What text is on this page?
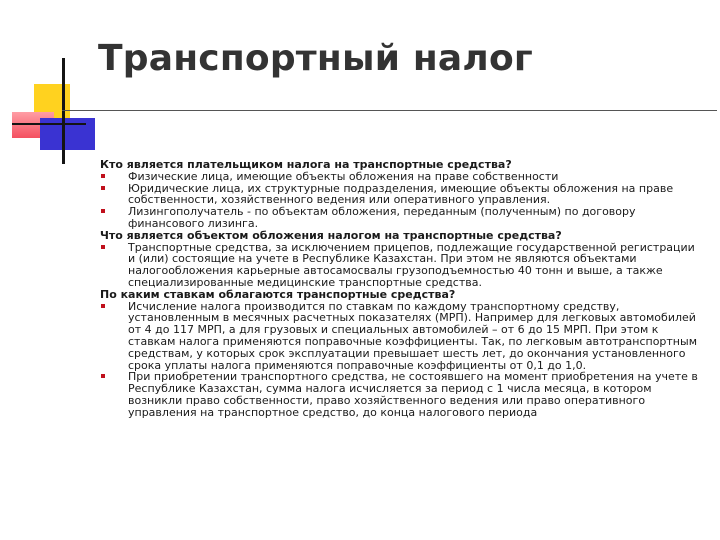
Транспортный налог

Кто является плательщиком налога на транспортные средства?

Физические лица, имеющие объекты обложения на праве собственности
Юридические лица, их структурные подразделения, имеющие объекты обложения на праве собственности, хозяйственного ведения или оперативного управления.
Лизингополучатель - по объектам обложения, переданным (полученным) по договору финансового лизинга.

Что является объектом обложения налогом на транспортные средства?

Транспортные средства, за исключением прицепов, подлежащие государственной регистрации и (или) состоящие на учете в Республике Казахстан. При этом не являются объектами налогообложения карьерные автосамосвалы грузоподъемностью 40 тонн и выше, а также специализированные медицинские транспортные средства.

По каким ставкам облагаются транспортные средства?

Исчисление налога производится по ставкам по каждому транспортному средству, установленным в месячных расчетных показателях (МРП). Например для легковых автомобилей от 4 до 117 МРП, а для грузовых и специальных автомобилей – от 6 до 15 МРП. При этом к ставкам налога применяются поправочные коэффициенты. Так, по легковым автотранспортным средствам, у которых срок эксплуатации превышает шесть лет, до окончания установленного срока уплаты налога применяются поправочные коэффициенты от 0,1 до 1,0.
При приобретении транспортного средства, не состоявшего на момент приобретения на учете в Республике Казахстан, сумма налога исчисляется за период с 1 числа месяца, в котором возникли право собственности, право хозяйственного ведения или право оперативного управления на транспортное средство, до конца налогового периода
